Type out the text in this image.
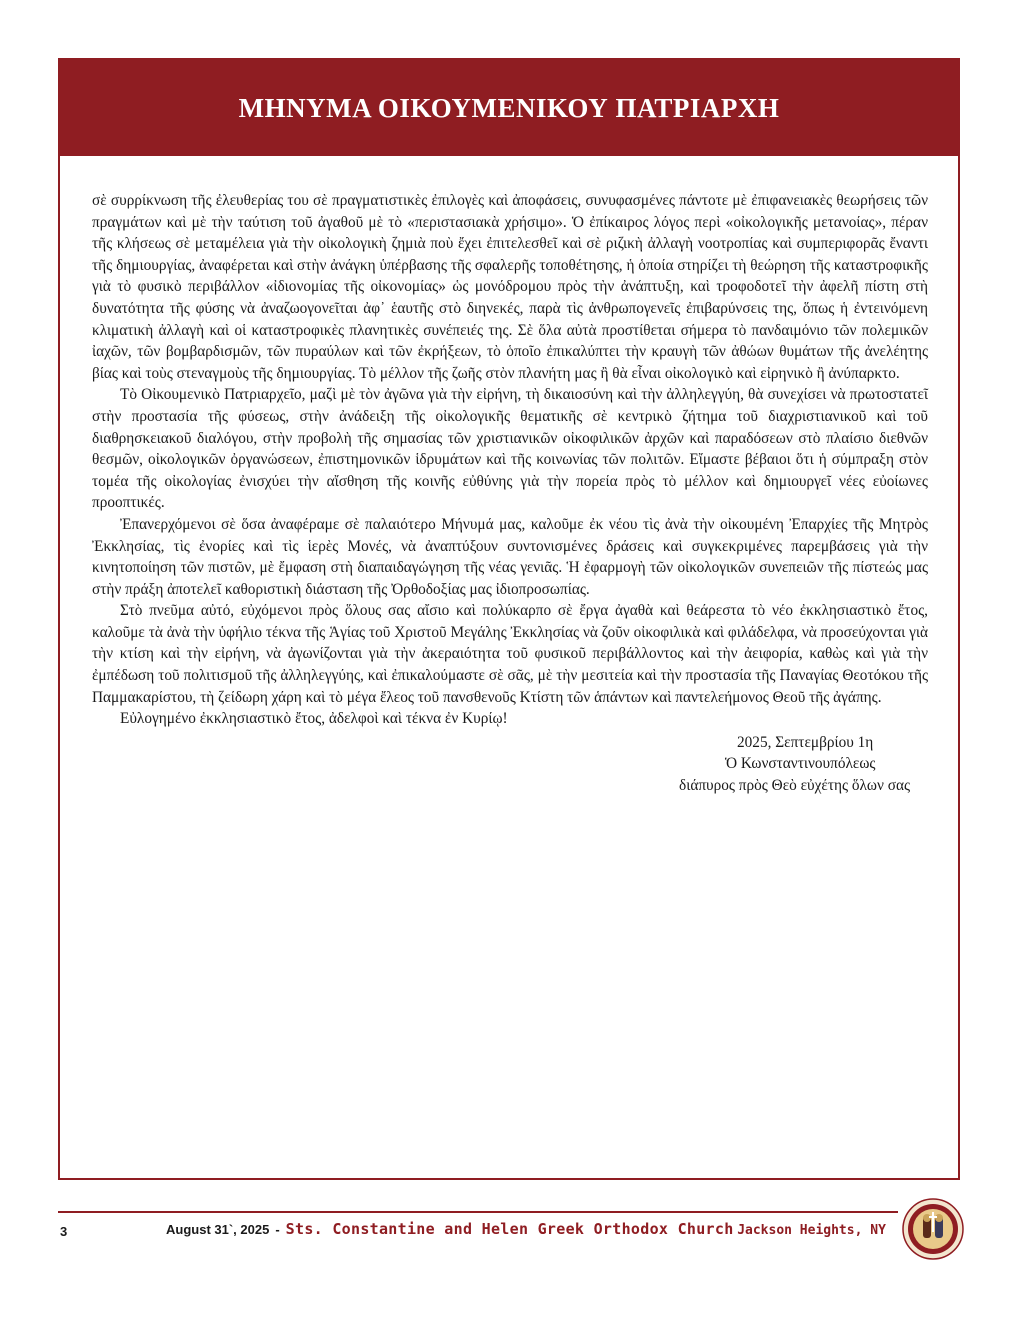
ΜΗΝΥΜΑ ΟΙΚΟΥΜΕΝΙΚΟΥ ΠΑΤΡΙΑΡΧΗ

σὲ συρρίκνωση τῆς ἐλευθερίας του σὲ πραγματιστικὲς ἐπιλογὲς καὶ ἀποφάσεις, συνυφασμένες πάντοτε μὲ ἐπιφανειακὲς θεωρήσεις τῶν πραγμάτων καὶ μὲ τὴν ταύτιση τοῦ ἀγαθοῦ μὲ τὸ «περιστασιακὰ χρήσιμο». Ὁ ἐπίκαιρος λόγος περὶ «οἰκολογικῆς μετανοίας», πέραν τῆς κλήσεως σὲ μεταμέλεια γιὰ τὴν οἰκολογικὴ ζημιὰ ποὺ ἔχει ἐπιτελεσθεῖ καὶ σὲ ριζικὴ ἀλλαγὴ νοοτροπίας καὶ συμπεριφορᾶς ἔναντι τῆς δημιουργίας, ἀναφέρεται καὶ στὴν ἀνάγκη ὑπέρβασης τῆς σφαλερῆς τοποθέτησης, ἡ ὁποία στηρίζει τὴ θεώρηση τῆς καταστροφικῆς γιὰ τὸ φυσικὸ περιβάλλον «ἰδιονομίας τῆς οἰκονομίας» ὡς μονόδρομου πρὸς τὴν ἀνάπτυξη, καὶ τροφοδοτεῖ τὴν ἀφελῆ πίστη στὴ δυνατότητα τῆς φύσης νὰ ἀναζωογονεῖται ἀφ᾽ ἑαυτῆς στὸ διηνεκές, παρὰ τὶς ἀνθρωπογενεῖς ἐπιβαρύνσεις της, ὅπως ἡ ἐντεινόμενη κλιματικὴ ἀλλαγὴ καὶ οἱ καταστροφικὲς πλανητικὲς συνέπειές της. Σὲ ὅλα αὐτὰ προστίθεται σήμερα τὸ πανδαιμόνιο τῶν πολεμικῶν ἰαχῶν, τῶν βομβαρδισμῶν, τῶν πυραύλων καὶ τῶν ἐκρήξεων, τὸ ὁποῖο ἐπικαλύπτει τὴν κραυγὴ τῶν ἀθώων θυμάτων τῆς ἀνελέητης βίας καὶ τοὺς στεναγμοὺς τῆς δημιουργίας. Τὸ μέλλον τῆς ζωῆς στὸν πλανήτη μας ἢ θὰ εἶναι οἰκολογικὸ καὶ εἰρηνικὸ ἢ ἀνύπαρκτο.

Τὸ Οἰκουμενικὸ Πατριαρχεῖο, μαζὶ μὲ τὸν ἀγῶνα γιὰ τὴν εἰρήνη, τὴ δικαιοσύνη καὶ τὴν ἀλληλεγγύη, θὰ συνεχίσει νὰ πρωτοστατεῖ στὴν προστασία τῆς φύσεως, στὴν ἀνάδειξη τῆς οἰκολογικῆς θεματικῆς σὲ κεντρικὸ ζήτημα τοῦ διαχριστιανικοῦ καὶ τοῦ διαθρησκειακοῦ διαλόγου, στὴν προβολὴ τῆς σημασίας τῶν χριστιανικῶν οἰκοφιλικῶν ἀρχῶν καὶ παραδόσεων στὸ πλαίσιο διεθνῶν θεσμῶν, οἰκολογικῶν ὀργανώσεων, ἐπιστημονικῶν ἱδρυμάτων καὶ τῆς κοινωνίας τῶν πολιτῶν. Εἴμαστε βέβαιοι ὅτι ἡ σύμπραξη στὸν τομέα τῆς οἰκολογίας ἐνισχύει τὴν αἴσθηση τῆς κοινῆς εὐθύνης γιὰ τὴν πορεία πρὸς τὸ μέλλον καὶ δημιουργεῖ νέες εὐοίωνες προοπτικές.

Ἐπανερχόμενοι σὲ ὅσα ἀναφέραμε σὲ παλαιότερο Μήνυμά μας, καλοῦμε ἐκ νέου τὶς ἀνὰ τὴν οἰκουμένη Ἐπαρχίες τῆς Μητρὸς Ἐκκλησίας, τὶς ἐνορίες καὶ τὶς ἱερὲς Μονές, νὰ ἀναπτύξουν συντονισμένες δράσεις καὶ συγκεκριμένες παρεμβάσεις γιὰ τὴν κινητοποίηση τῶν πιστῶν, μὲ ἔμφαση στὴ διαπαιδαγώγηση τῆς νέας γενιᾶς. Ἡ ἐφαρμογὴ τῶν οἰκολογικῶν συνεπειῶν τῆς πίστεώς μας στὴν πράξη ἀποτελεῖ καθοριστικὴ διάσταση τῆς Ὀρθοδοξίας μας ἰδιοπροσωπίας.

Στὸ πνεῦμα αὐτό, εὐχόμενοι πρὸς ὅλους σας αἴσιο καὶ πολύκαρπο σὲ ἔργα ἀγαθὰ καὶ θεάρεστα τὸ νέο ἐκκλησιαστικὸ ἔτος, καλοῦμε τὰ ἀνὰ τὴν ὑφήλιο τέκνα τῆς Ἁγίας τοῦ Χριστοῦ Μεγάλης Ἐκκλησίας νὰ ζοῦν οἰκοφιλικὰ καὶ φιλάδελφα, νὰ προσεύχονται γιὰ τὴν κτίση καὶ τὴν εἰρήνη, νὰ ἀγωνίζονται γιὰ τὴν ἀκεραιότητα τοῦ φυσικοῦ περιβάλλοντος καὶ τὴν ἀειφορία, καθὼς καὶ γιὰ τὴν ἐμπέδωση τοῦ πολιτισμοῦ τῆς ἀλληλεγγύης, καὶ ἐπικαλούμαστε σὲ σᾶς, μὲ τὴν μεσιτεία καὶ τὴν προστασία τῆς Παναγίας Θεοτόκου τῆς Παμμακαρίστου, τὴ ζείδωρη χάρη καὶ τὸ μέγα ἔλεος τοῦ πανσθενοῦς Κτίστη τῶν ἁπάντων καὶ παντελεήμονος Θεοῦ τῆς ἀγάπης.

Εὐλογημένο ἐκκλησιαστικὸ ἔτος, ἀδελφοὶ καὶ τέκνα ἐν Κυρίῳ!

2025, Σεπτεμβρίου 1η
Ὁ Κωνσταντινουπόλεως
διάπυρος πρὸς Θεὸ εὐχέτης ὅλων σας
3	August 31`, 2025 - Sts. Constantine and Helen Greek Orthodox Church Jackson Heights, NY
